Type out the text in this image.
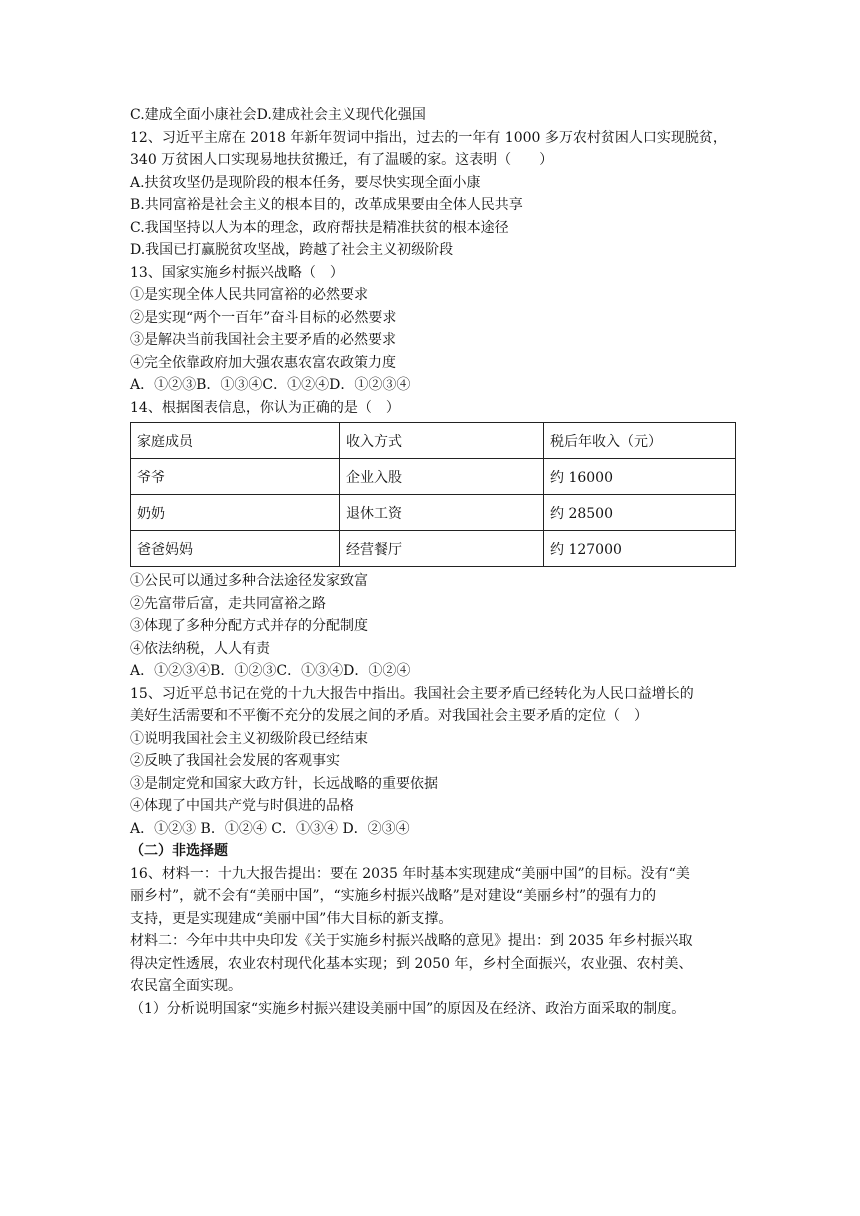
C.建成全面小康社会D.建成社会主义现代化强国
12、习近平主席在 2018 年新年贺词中指出，过去的一年有 1000 多万农村贫困人口实现脱贫，
340 万贫困人口实现易地扶贫搬迁，有了温暖的家。这表明（　　）
A.扶贫攻坚仍是现阶段的根本任务，要尽快实现全面小康
B.共同富裕是社会主义的根本目的，改革成果要由全体人民共享
C.我国坚持以人为本的理念，政府帮扶是精准扶贫的根本途径
D.我国已打赢脱贫攻坚战，跨越了社会主义初级阶段
13、国家实施乡村振兴战略（　）
①是实现全体人民共同富裕的必然要求
②是实现“两个一百年”奋斗目标的必然要求
③是解决当前我国社会主要矛盾的必然要求
④完全依靠政府加大强农惠农富农政策力度
A．①②③B．①③④C．①②④D．①②③④
14、根据图表信息，你认为正确的是（　）
家庭成员	收入方式	税后年收入（元）
爷爷	企业入股	约 16000
奶奶	退休工资	约 28500
爸爸妈妈	经营餐厅	约 127000
①公民可以通过多种合法途径发家致富
②先富带后富，走共同富裕之路
③体现了多种分配方式并存的分配制度
④依法纳税，人人有责
A．①②③④B．①②③C．①③④D．①②④
15、习近平总书记在党的十九大报告中指出。我国社会主要矛盾已经转化为人民口益增长的
美好生活需要和不平衡不充分的发展之间的矛盾。对我国社会主要矛盾的定位（　）
①说明我国社会主义初级阶段已经结束
②反映了我国社会发展的客观事实
③是制定党和国家大政方针，长远战略的重要依据
④体现了中国共产党与时俱进的品格
A．①②③ B．①②④ C．①③④ D．②③④
（二）非选择题
16、材料一：十九大报告提出：要在 2035 年时基本实现建成“美丽中国”的目标。没有“美
丽乡村”，就不会有“美丽中国”，“实施乡村振兴战略”是对建设“美丽乡村”的强有力的
支持，更是实现建成“美丽中国”伟大目标的新支撑。
材料二：今年中共中央印发《关于实施乡村振兴战略的意见》提出：到 2035 年乡村振兴取
得决定性透展，农业农村现代化基本实现；到 2050 年，乡村全面振兴，农业强、农村美、
农民富全面实现。
（1）分析说明国家“实施乡村振兴建设美丽中国”的原因及在经济、政治方面采取的制度。
